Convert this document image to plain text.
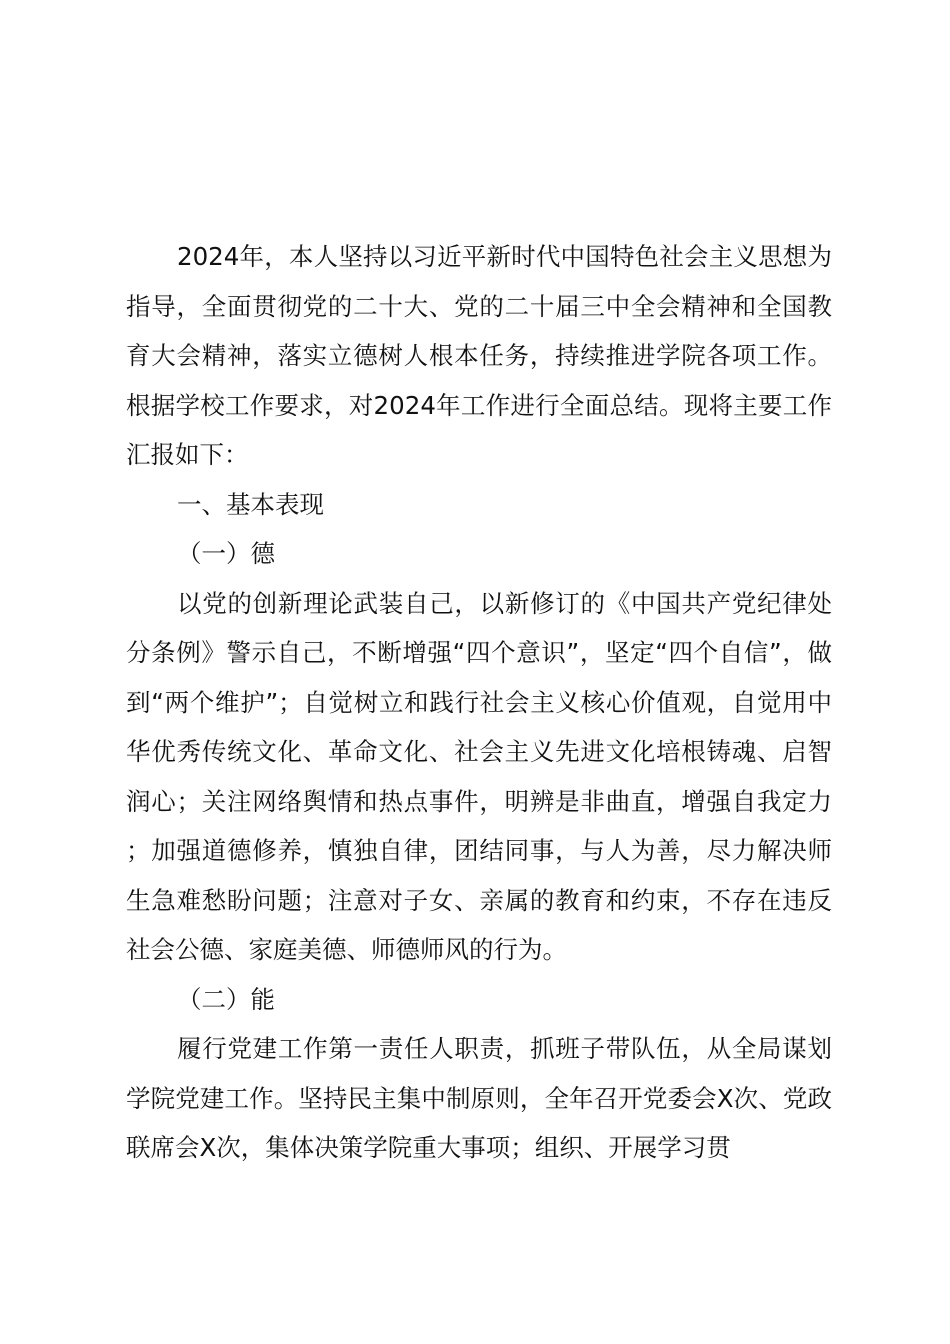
2024年，本人坚持以习近平新时代中国特色社会主义思想为指导，全面贯彻党的二十大、党的二十届三中全会精神和全国教育大会精神，落实立德树人根本任务，持续推进学院各项工作。根据学校工作要求，对2024年工作进行全面总结。现将主要工作汇报如下：

一、基本表现

（一）德

以党的创新理论武装自己，以新修订的《中国共产党纪律处分条例》警示自己，不断增强“四个意识”，坚定“四个自信”，做到“两个维护”；自觉树立和践行社会主义核心价值观，自觉用中华优秀传统文化、革命文化、社会主义先进文化培根铸魂、启智润心；关注网络舆情和热点事件，明辨是非曲直，增强自我定力；加强道德修养，慎独自律，团结同事，与人为善，尽力解决师生急难愁盼问题；注意对子女、亲属的教育和约束，不存在违反社会公德、家庭美德、师德师风的行为。

（二）能

履行党建工作第一责任人职责，抓班子带队伍，从全局谋划学院党建工作。坚持民主集中制原则，全年召开党委会X次、党政联席会X次，集体决策学院重大事项；组织、开展学习贯
